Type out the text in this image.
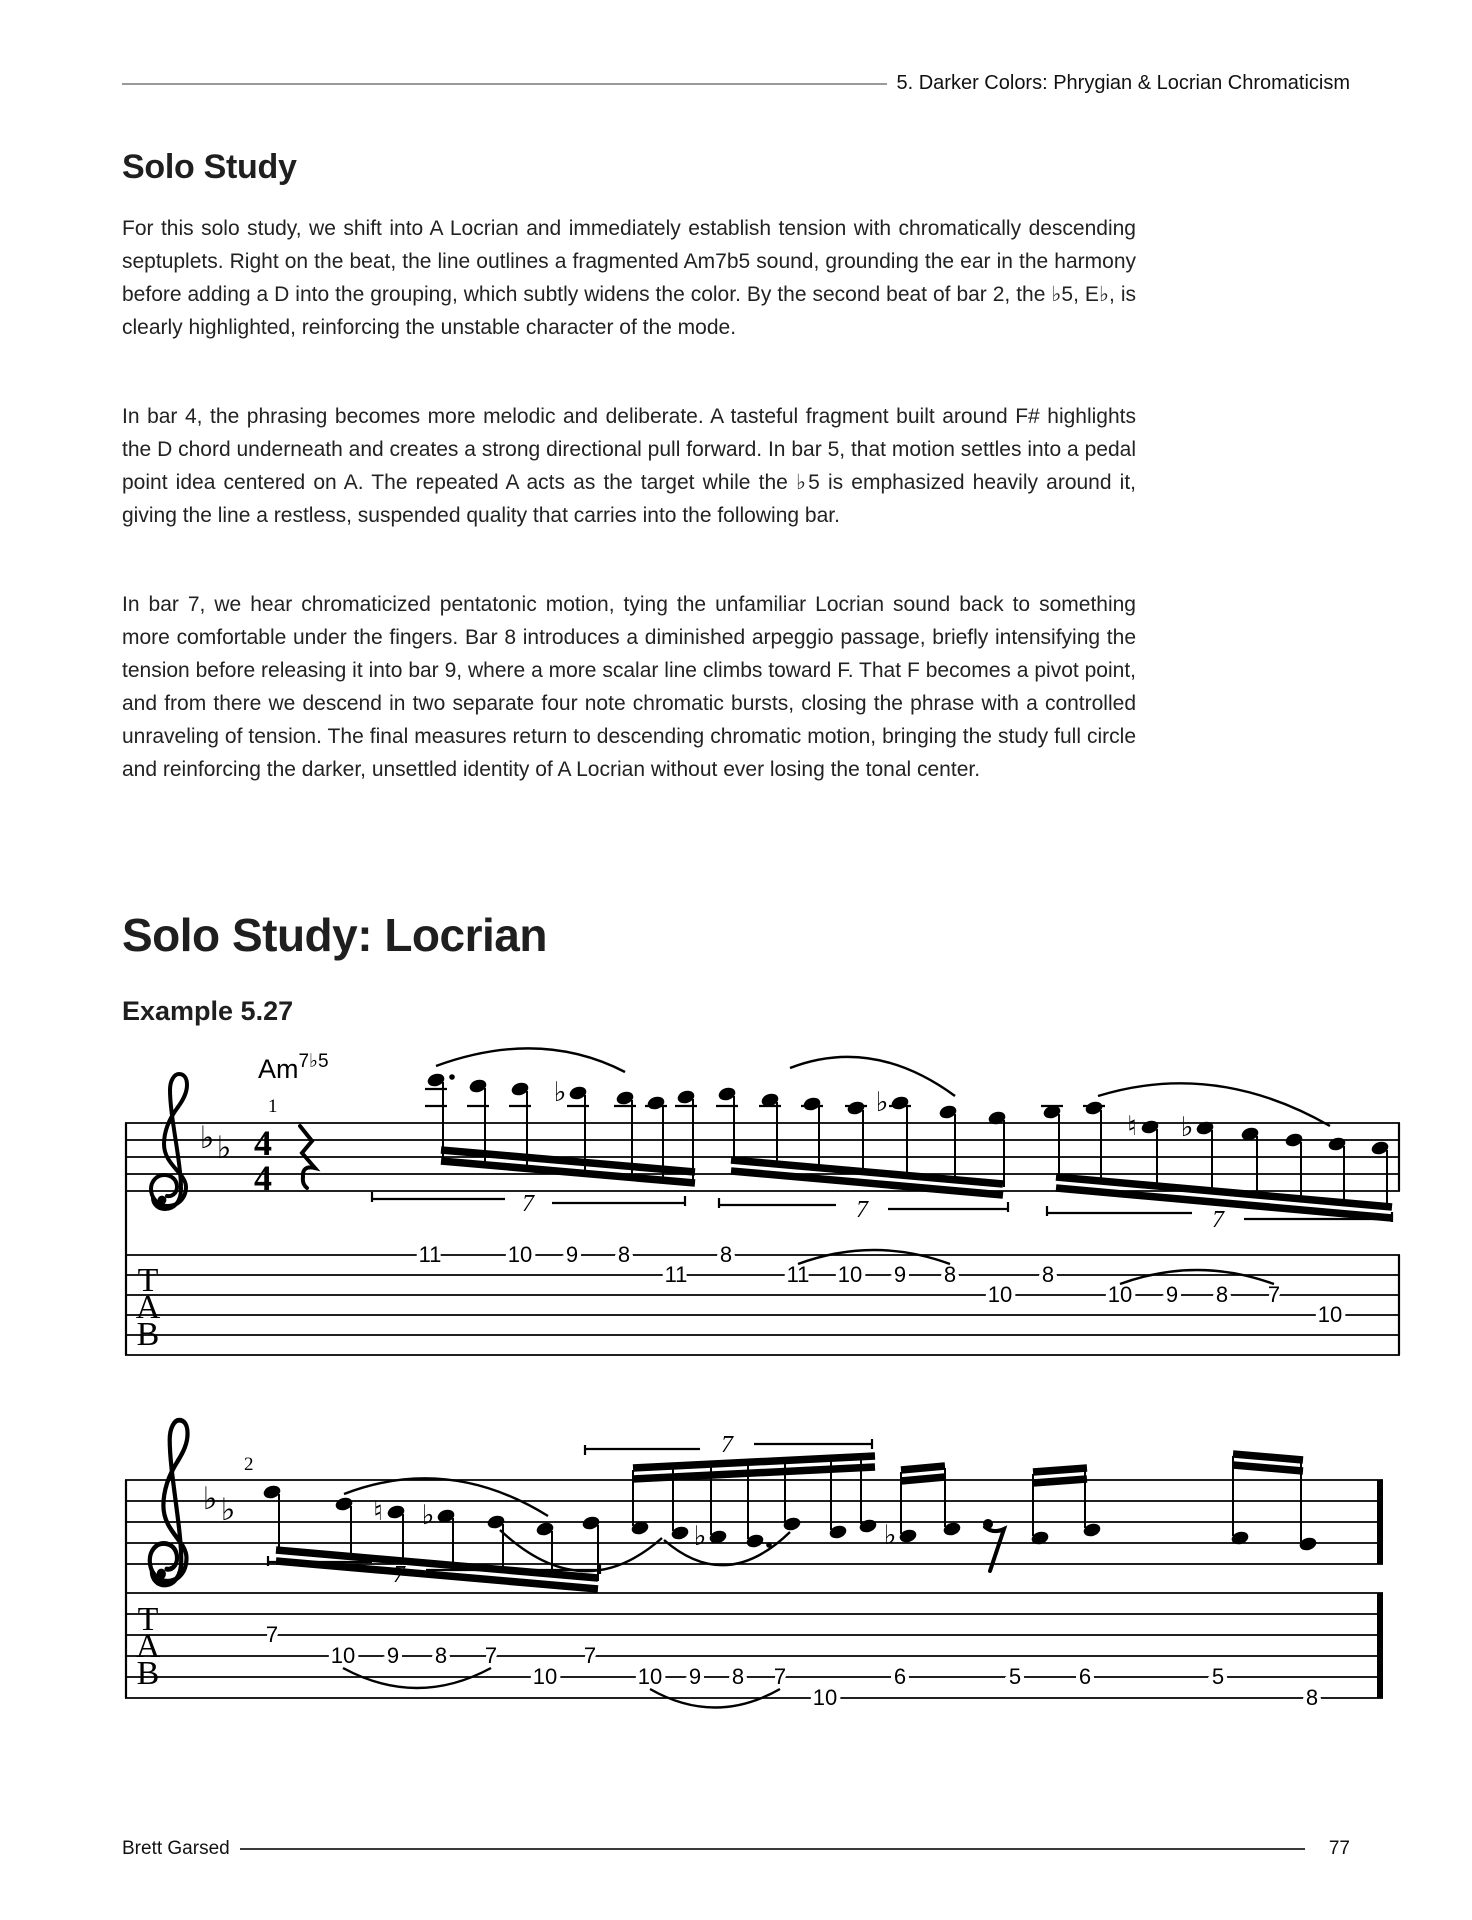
5. Darker Colors: Phrygian & Locrian Chromaticism
Solo Study
For this solo study, we shift into A Locrian and immediately establish tension with chromatically descending septuplets. Right on the beat, the line outlines a fragmented Am7b5 sound, grounding the ear in the harmony before adding a D into the grouping, which subtly widens the color. By the second beat of bar 2, the ♭5, E♭, is clearly highlighted, reinforcing the unstable character of the mode.
In bar 4, the phrasing becomes more melodic and deliberate. A tasteful fragment built around F# highlights the D chord underneath and creates a strong directional pull forward. In bar 5, that motion settles into a pedal point idea centered on A. The repeated A acts as the target while the ♭5 is emphasized heavily around it, giving the line a restless, suspended quality that carries into the following bar.
In bar 7, we hear chromaticized pentatonic motion, tying the unfamiliar Locrian sound back to something more comfortable under the fingers. Bar 8 introduces a diminished arpeggio passage, briefly intensifying the tension before releasing it into bar 9, where a more scalar line climbs toward F. That F becomes a pivot point, and from there we descend in two separate four note chromatic bursts, closing the phrase with a controlled unraveling of tension. The final measures return to descending chromatic motion, bringing the study full circle and reinforcing the darker, unsettled identity of A Locrian without ever losing the tonal center.
Solo Study: Locrian
Example 5.27
$Am^{7♭5}$
1
♭ ♭ 4
4
♭	♭
♮ ♭
7	7	7
T
A
B
11	10 9 8
11
8
11 10 9 8
10
8
10 9 8 7
10
2
♭ ♭	♮ ♭
7
♭
7
♭
T
A
B
7
10 9 8 7
10
7
10 9 8 7
10
6	5	6	5
8
Brett Garsed	77
